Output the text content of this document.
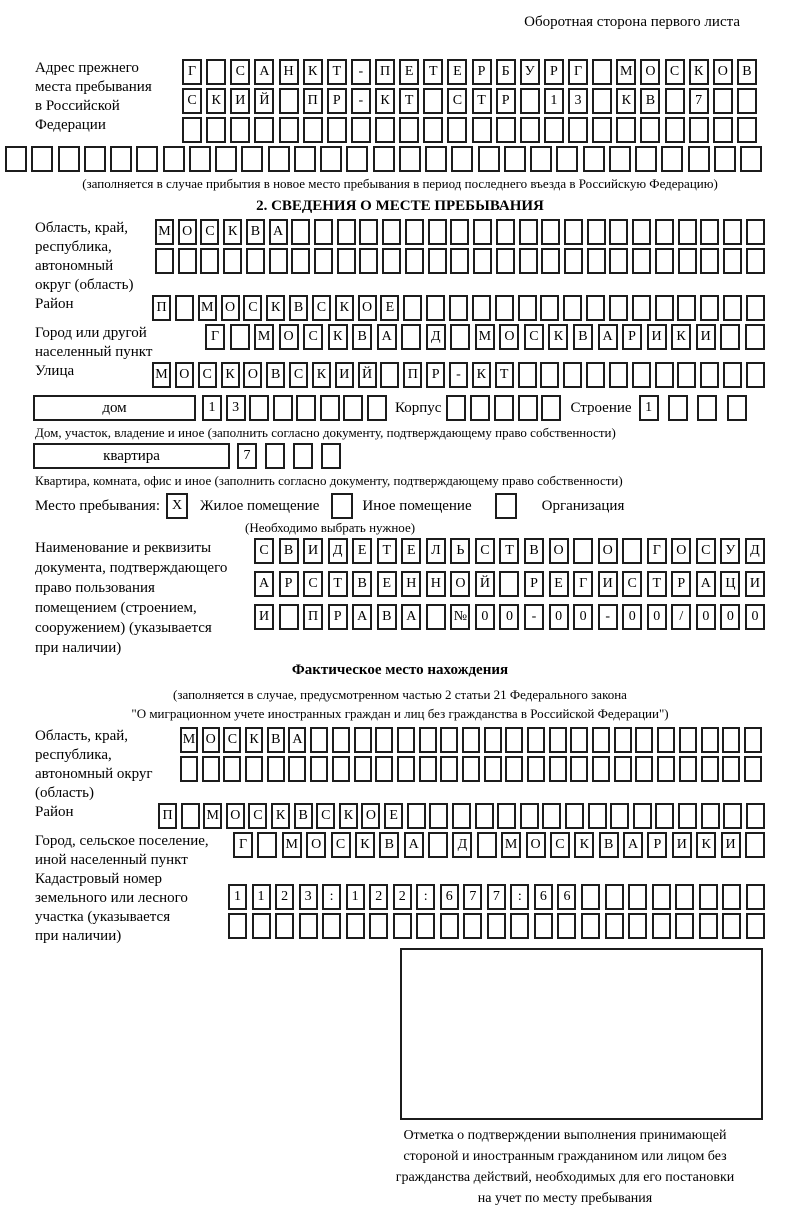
Оборотная сторона первого листа
Адрес прежнего
места пребывания
в Российской
Федерации
Г	С	А	Н	К	Т	-	П	Е	Т	Е	Р	Б	У	Р	Г	М О	С	К	О	В
С	К	И	Й	П	Р	-	К	Т	С	Т	Р	1	3	К	В	7
(заполняется в случае прибытия в новое место пребывания в период последнего въезда в Российскую Федерацию)
2. СВЕДЕНИЯ О МЕСТЕ ПРЕБЫВАНИЯ
Область, край,
республика,
автономный
округ (область)
М О С К В А
Район	П	М О С К В С К О Е
Город или другой
населенный пункт
Г	М О	С	К	В	А	Д	М О	С	К	В	А	Р	И	К	И
Улица	М О С К О В С К И Й	П Р	-	К Т
дом	1	3	Корпус	Строение 1
Дом, участок, владение и иное (заполнить согласно документу, подтверждающему право собственности)
квартира	7
Квартира, комната, офис и иное (заполнить согласно документу, подтверждающему право собственности)
Место пребывания: X	Жилое помещение	Иное помещение	Организация
(Необходимо выбрать нужное)
Наименование и реквизиты
документа, подтверждающего
право пользования
помещением (строением,
сооружением) (указывается
при наличии)
С	В	И	Д	Е	Т	Е	Л	Ь	С	Т	В	О	О	Г	О	С	У	Д
А	Р	С	Т	В	Е	Н	Н	О	Й	Р	Е	Г	И	С	Т	Р	А	Ц	И
И	П	Р	А	В	А	№	0	0	-	0	0	-	0	0	/	0	0	0
Фактическое место нахождения
(заполняется в случае, предусмотренном частью 2 статьи 21 Федерального закона
"О миграционном учете иностранных граждан и лиц без гражданства в Российской Федерации")
Область, край,
республика,
автономный округ
(область)
М О С К В А
Район	П	М О С К В С К О Е
Город, сельское поселение,
иной населенный пункт
Г	М О	С	К	В	А	Д	М О	С	К	В	А	Р	И	К	И
Кадастровый номер
земельного или лесного
участка (указывается
при наличии)
1	1	2	3	:	1	2	2	:	6	7	7	:	6	6
Отметка о подтверждении выполнения принимающей
стороной и иностранным гражданином или лицом без
гражданства действий, необходимых для его постановки
на учет по месту пребывания
